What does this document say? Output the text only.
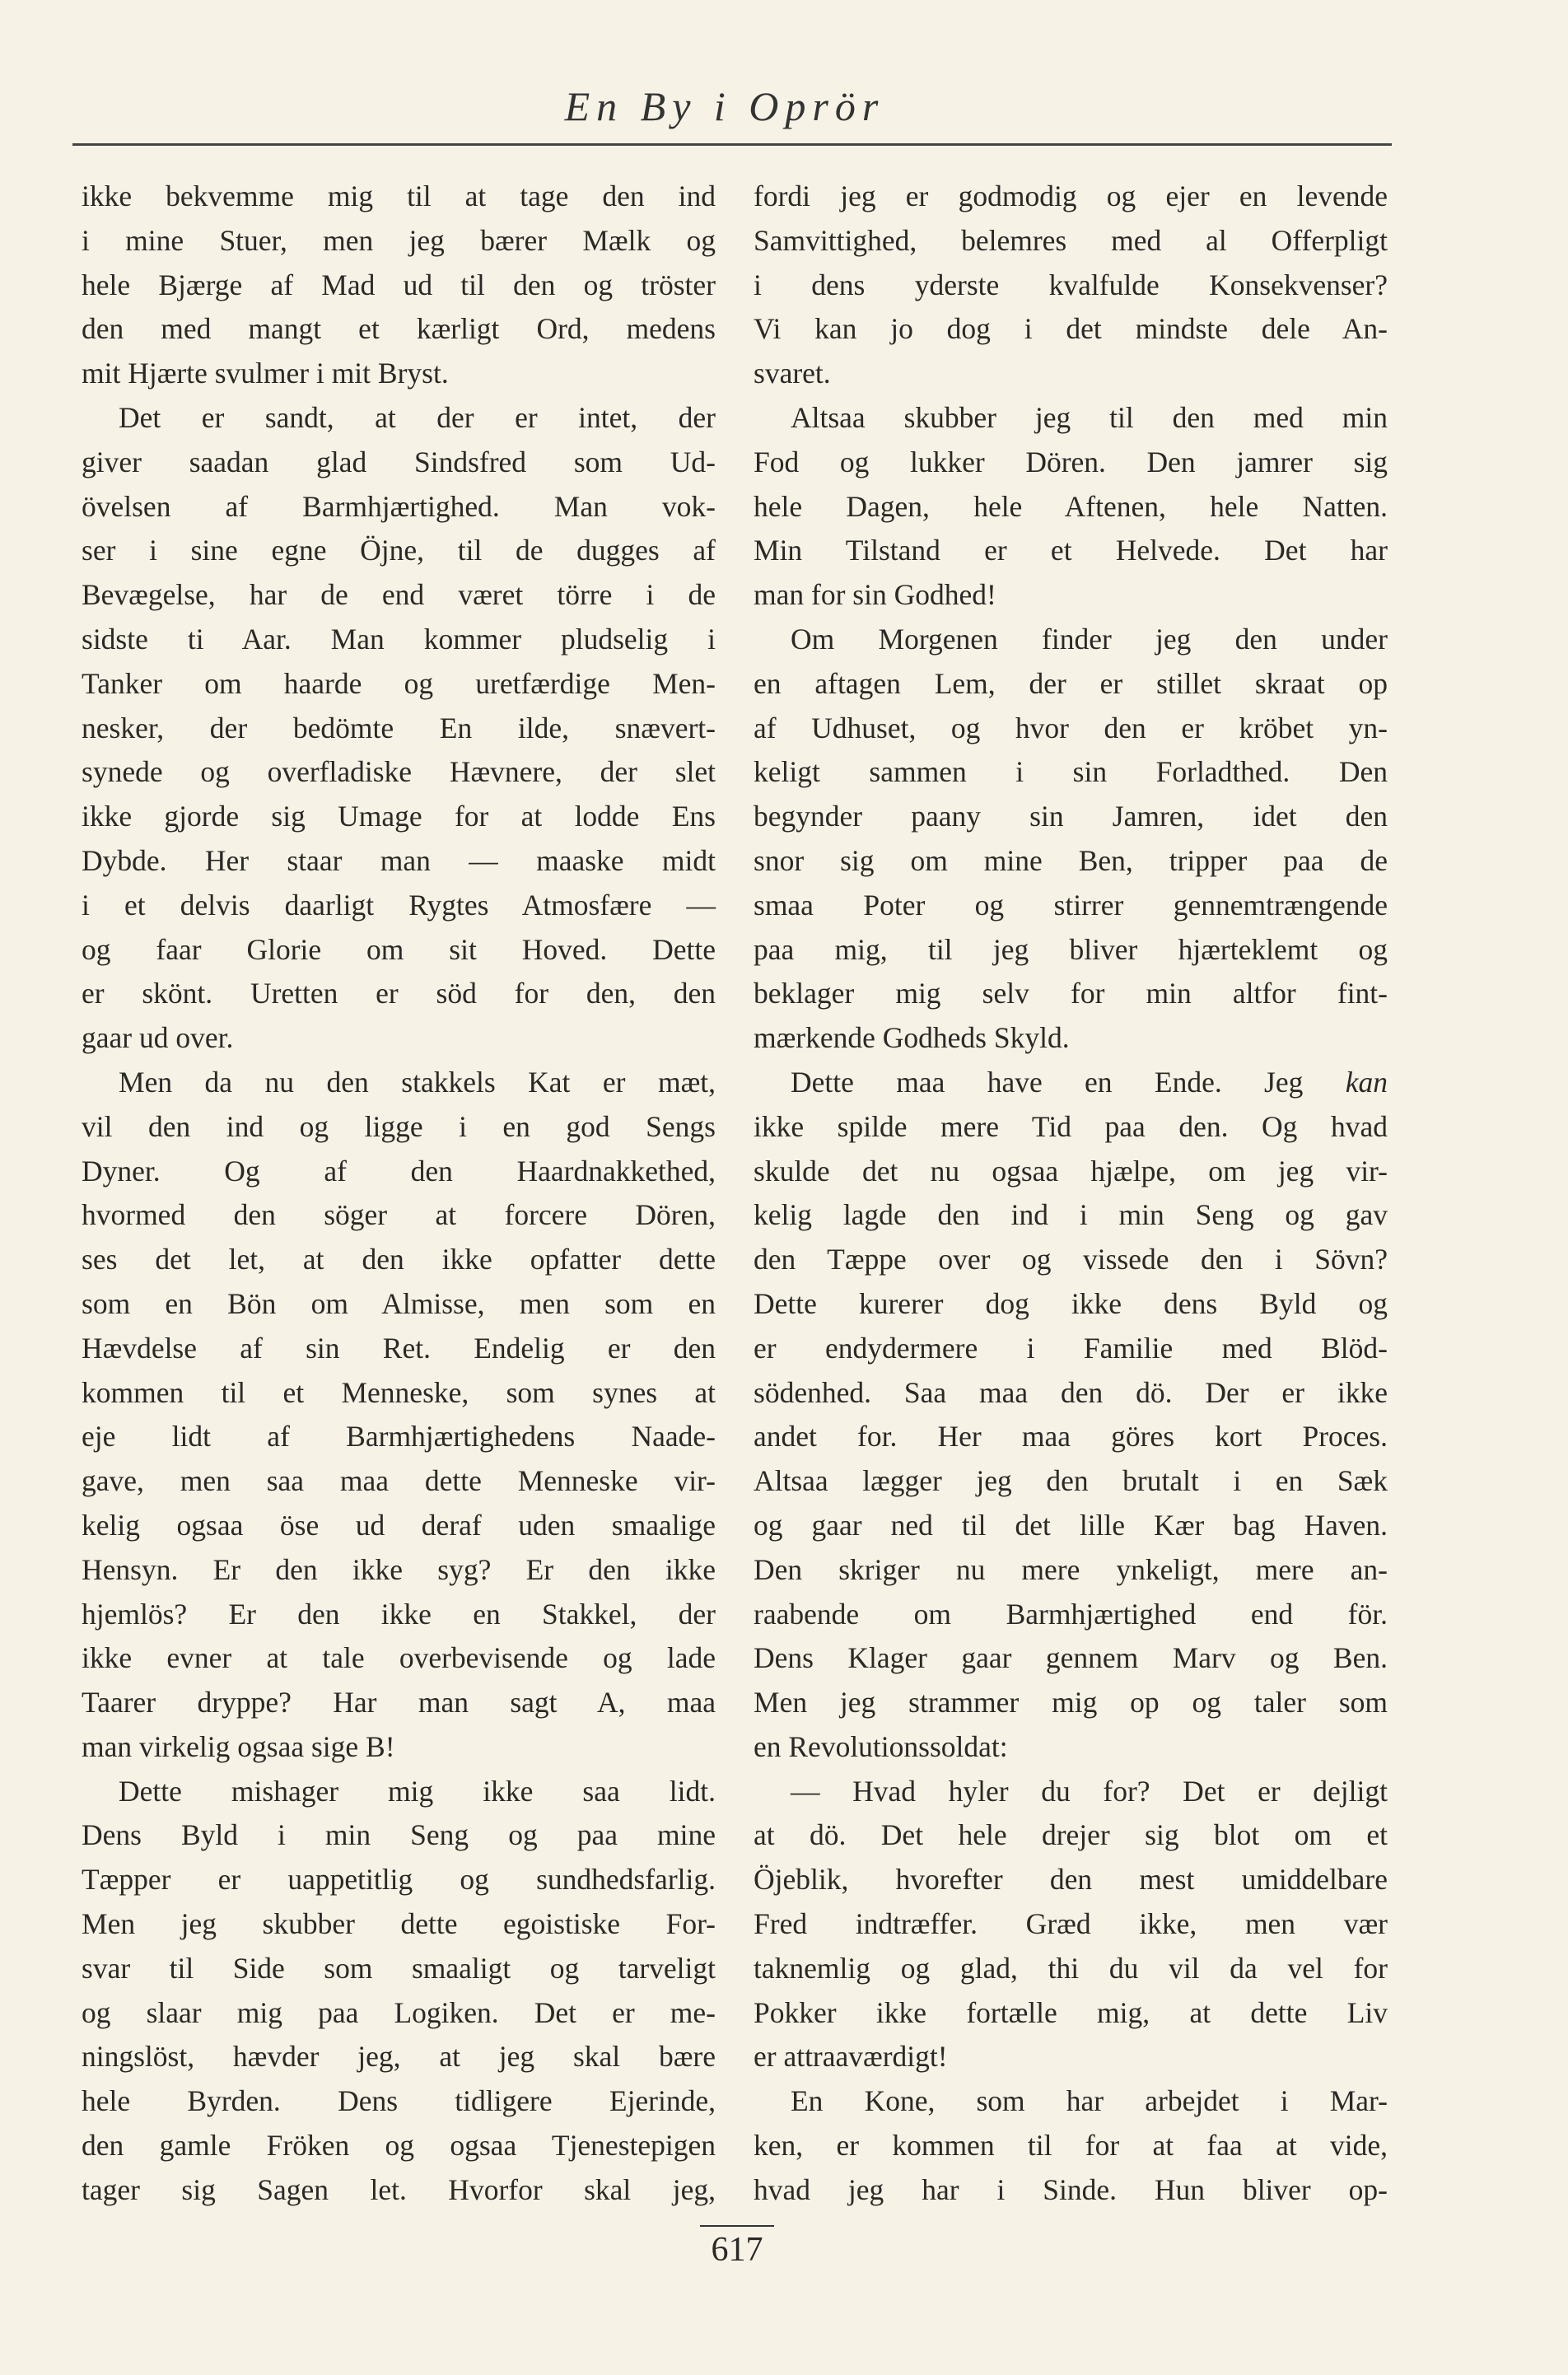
En By i Oprör
ikke bekvemme mig til at tage den ind
i mine Stuer, men jeg bærer Mælk og
hele Bjærge af Mad ud til den og tröster
den med mangt et kærligt Ord, medens
mit Hjærte svulmer i mit Bryst.
Det er sandt, at der er intet, der
giver saadan glad Sindsfred som Ud-
övelsen af Barmhjærtighed. Man vok-
ser i sine egne Öjne, til de dugges af
Bevægelse, har de end været törre i de
sidste ti Aar. Man kommer pludselig i
Tanker om haarde og uretfærdige Men-
nesker, der bedömte En ilde, snævert-
synede og overfladiske Hævnere, der slet
ikke gjorde sig Umage for at lodde Ens
Dybde. Her staar man — maaske midt
i et delvis daarligt Rygtes Atmosfære —
og faar Glorie om sit Hoved. Dette
er skönt. Uretten er söd for den, den
gaar ud over.
Men da nu den stakkels Kat er mæt,
vil den ind og ligge i en god Sengs
Dyner. Og af den Haardnakkethed,
hvormed den söger at forcere Dören,
ses det let, at den ikke opfatter dette
som en Bön om Almisse, men som en
Hævdelse af sin Ret. Endelig er den
kommen til et Menneske, som synes at
eje lidt af Barmhjærtighedens Naade-
gave, men saa maa dette Menneske vir-
kelig ogsaa öse ud deraf uden smaalige
Hensyn. Er den ikke syg? Er den ikke
hjemlös? Er den ikke en Stakkel, der
ikke evner at tale overbevisende og lade
Taarer dryppe? Har man sagt A, maa
man virkelig ogsaa sige B!
Dette mishager mig ikke saa lidt.
Dens Byld i min Seng og paa mine
Tæpper er uappetitlig og sundhedsfarlig.
Men jeg skubber dette egoistiske For-
svar til Side som smaaligt og tarveligt
og slaar mig paa Logiken. Det er me-
ningslöst, hævder jeg, at jeg skal bære
hele Byrden. Dens tidligere Ejerinde,
den gamle Fröken og ogsaa Tjenestepigen
tager sig Sagen let. Hvorfor skal jeg,
fordi jeg er godmodig og ejer en levende
Samvittighed, belemres med al Offerpligt
i dens yderste kvalfulde Konsekvenser?
Vi kan jo dog i det mindste dele An-
svaret.
Altsaa skubber jeg til den med min
Fod og lukker Dören. Den jamrer sig
hele Dagen, hele Aftenen, hele Natten.
Min Tilstand er et Helvede. Det har
man for sin Godhed!
Om Morgenen finder jeg den under
en aftagen Lem, der er stillet skraat op
af Udhuset, og hvor den er kröbet yn-
keligt sammen i sin Forladthed. Den
begynder paany sin Jamren, idet den
snor sig om mine Ben, tripper paa de
smaa Poter og stirrer gennemtrængende
paa mig, til jeg bliver hjærteklemt og
beklager mig selv for min altfor fint-
mærkende Godheds Skyld.
Dette maa have en Ende. Jeg kan
ikke spilde mere Tid paa den. Og hvad
skulde det nu ogsaa hjælpe, om jeg vir-
kelig lagde den ind i min Seng og gav
den Tæppe over og vissede den i Sövn?
Dette kurerer dog ikke dens Byld og
er endydermere i Familie med Blöd-
södenhed. Saa maa den dö. Der er ikke
andet for. Her maa göres kort Proces.
Altsaa lægger jeg den brutalt i en Sæk
og gaar ned til det lille Kær bag Haven.
Den skriger nu mere ynkeligt, mere an-
raabende om Barmhjærtighed end för.
Dens Klager gaar gennem Marv og Ben.
Men jeg strammer mig op og taler som
en Revolutionssoldat:
— Hvad hyler du for? Det er dejligt
at dö. Det hele drejer sig blot om et
Öjeblik, hvorefter den mest umiddelbare
Fred indtræffer. Græd ikke, men vær
taknemlig og glad, thi du vil da vel for
Pokker ikke fortælle mig, at dette Liv
er attraaværdigt!
En Kone, som har arbejdet i Mar-
ken, er kommen til for at faa at vide,
hvad jeg har i Sinde. Hun bliver op-
617
